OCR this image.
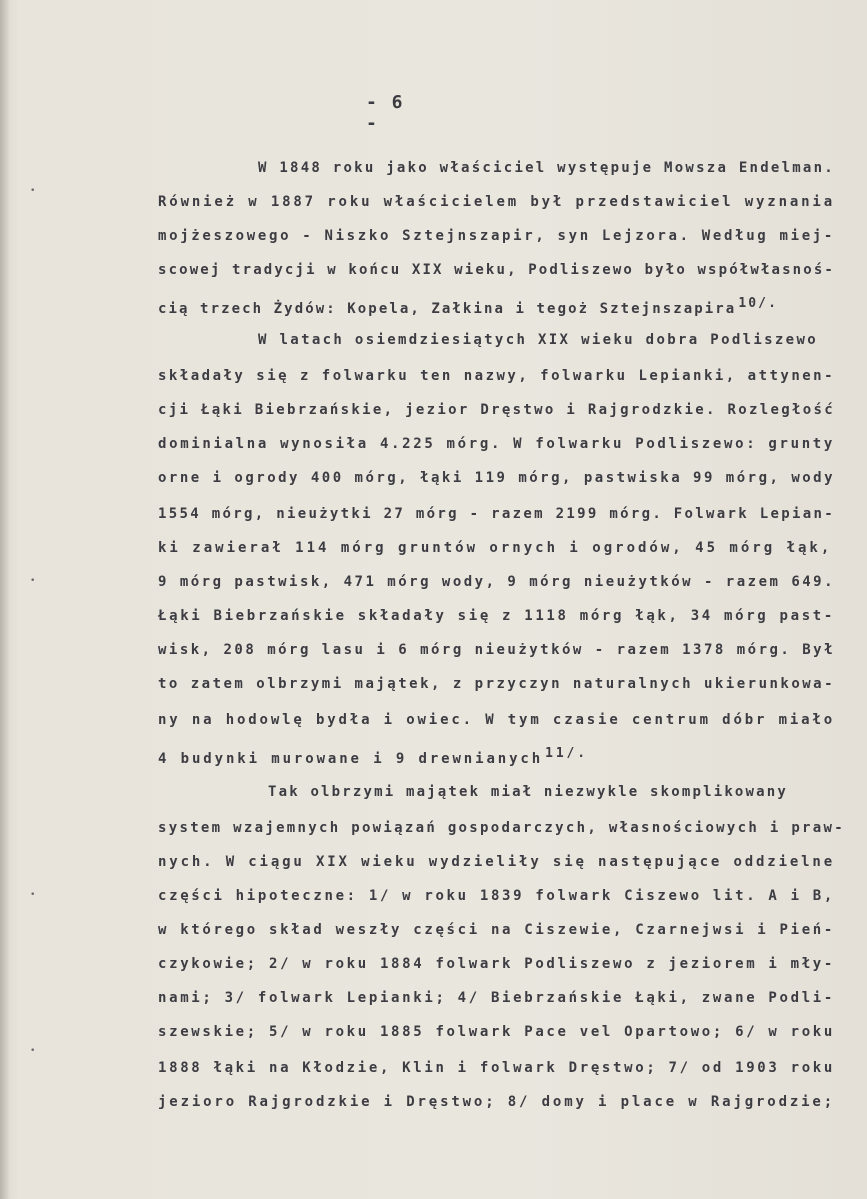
•
•
•
•
- 6 -
W 1848 roku jako właściciel występuje Mowsza Endelman.
Również w 1887 roku właścicielem był przedstawiciel wyznania
mojżeszowego - Niszko Sztejnszapir, syn Lejzora. Według miej-
scowej tradycji w końcu XIX wieku, Podliszewo było współwłasnoś-
cią trzech Żydów: Kopela, Załkina i tegoż Sztejnszapira $^{10/.}$
W latach osiemdziesiątych XIX wieku dobra Podliszewo
składały się z folwarku ten nazwy, folwarku Lepianki, attynen-
cji Łąki Biebrzańskie, jezior Dręstwo i Rajgrodzkie. Rozległość
dominialna wynosiła 4.225 mórg. W folwarku Podliszewo: grunty
orne i ogrody 400 mórg, łąki 119 mórg, pastwiska 99 mórg, wody
1554 mórg, nieużytki 27 mórg - razem 2199 mórg. Folwark Lepian-
ki zawierał 114 mórg gruntów ornych i ogrodów, 45 mórg łąk,
9 mórg pastwisk, 471 mórg wody, 9 mórg nieużytków - razem 649.
Łąki Biebrzańskie składały się z 1118 mórg łąk, 34 mórg past-
wisk, 208 mórg lasu i 6 mórg nieużytków - razem 1378 mórg. Był
to zatem olbrzymi majątek, z przyczyn naturalnych ukierunkowa-
ny na hodowlę bydła i owiec. W tym czasie centrum dóbr miało
4 budynki murowane i 9 drewnianych $^{11/.}$
Tak olbrzymi majątek miał niezwykle skomplikowany
system wzajemnych powiązań gospodarczych, własnościowych i praw-
nych. W ciągu XIX wieku wydzieliły się następujące oddzielne
części hipoteczne: 1/ w roku 1839 folwark Ciszewo lit. A i B,
w którego skład weszły części na Ciszewie, Czarnejwsi i Pień-
czykowie; 2/ w roku 1884 folwark Podliszewo z jeziorem i mły-
nami; 3/ folwark Lepianki; 4/ Biebrzańskie Łąki, zwane Podli-
szewskie; 5/ w roku 1885 folwark Pace vel Opartowo; 6/ w roku
1888 łąki na Kłodzie, Klin i folwark Dręstwo; 7/ od 1903 roku
jezioro Rajgrodzkie i Dręstwo; 8/ domy i place w Rajgrodzie;
